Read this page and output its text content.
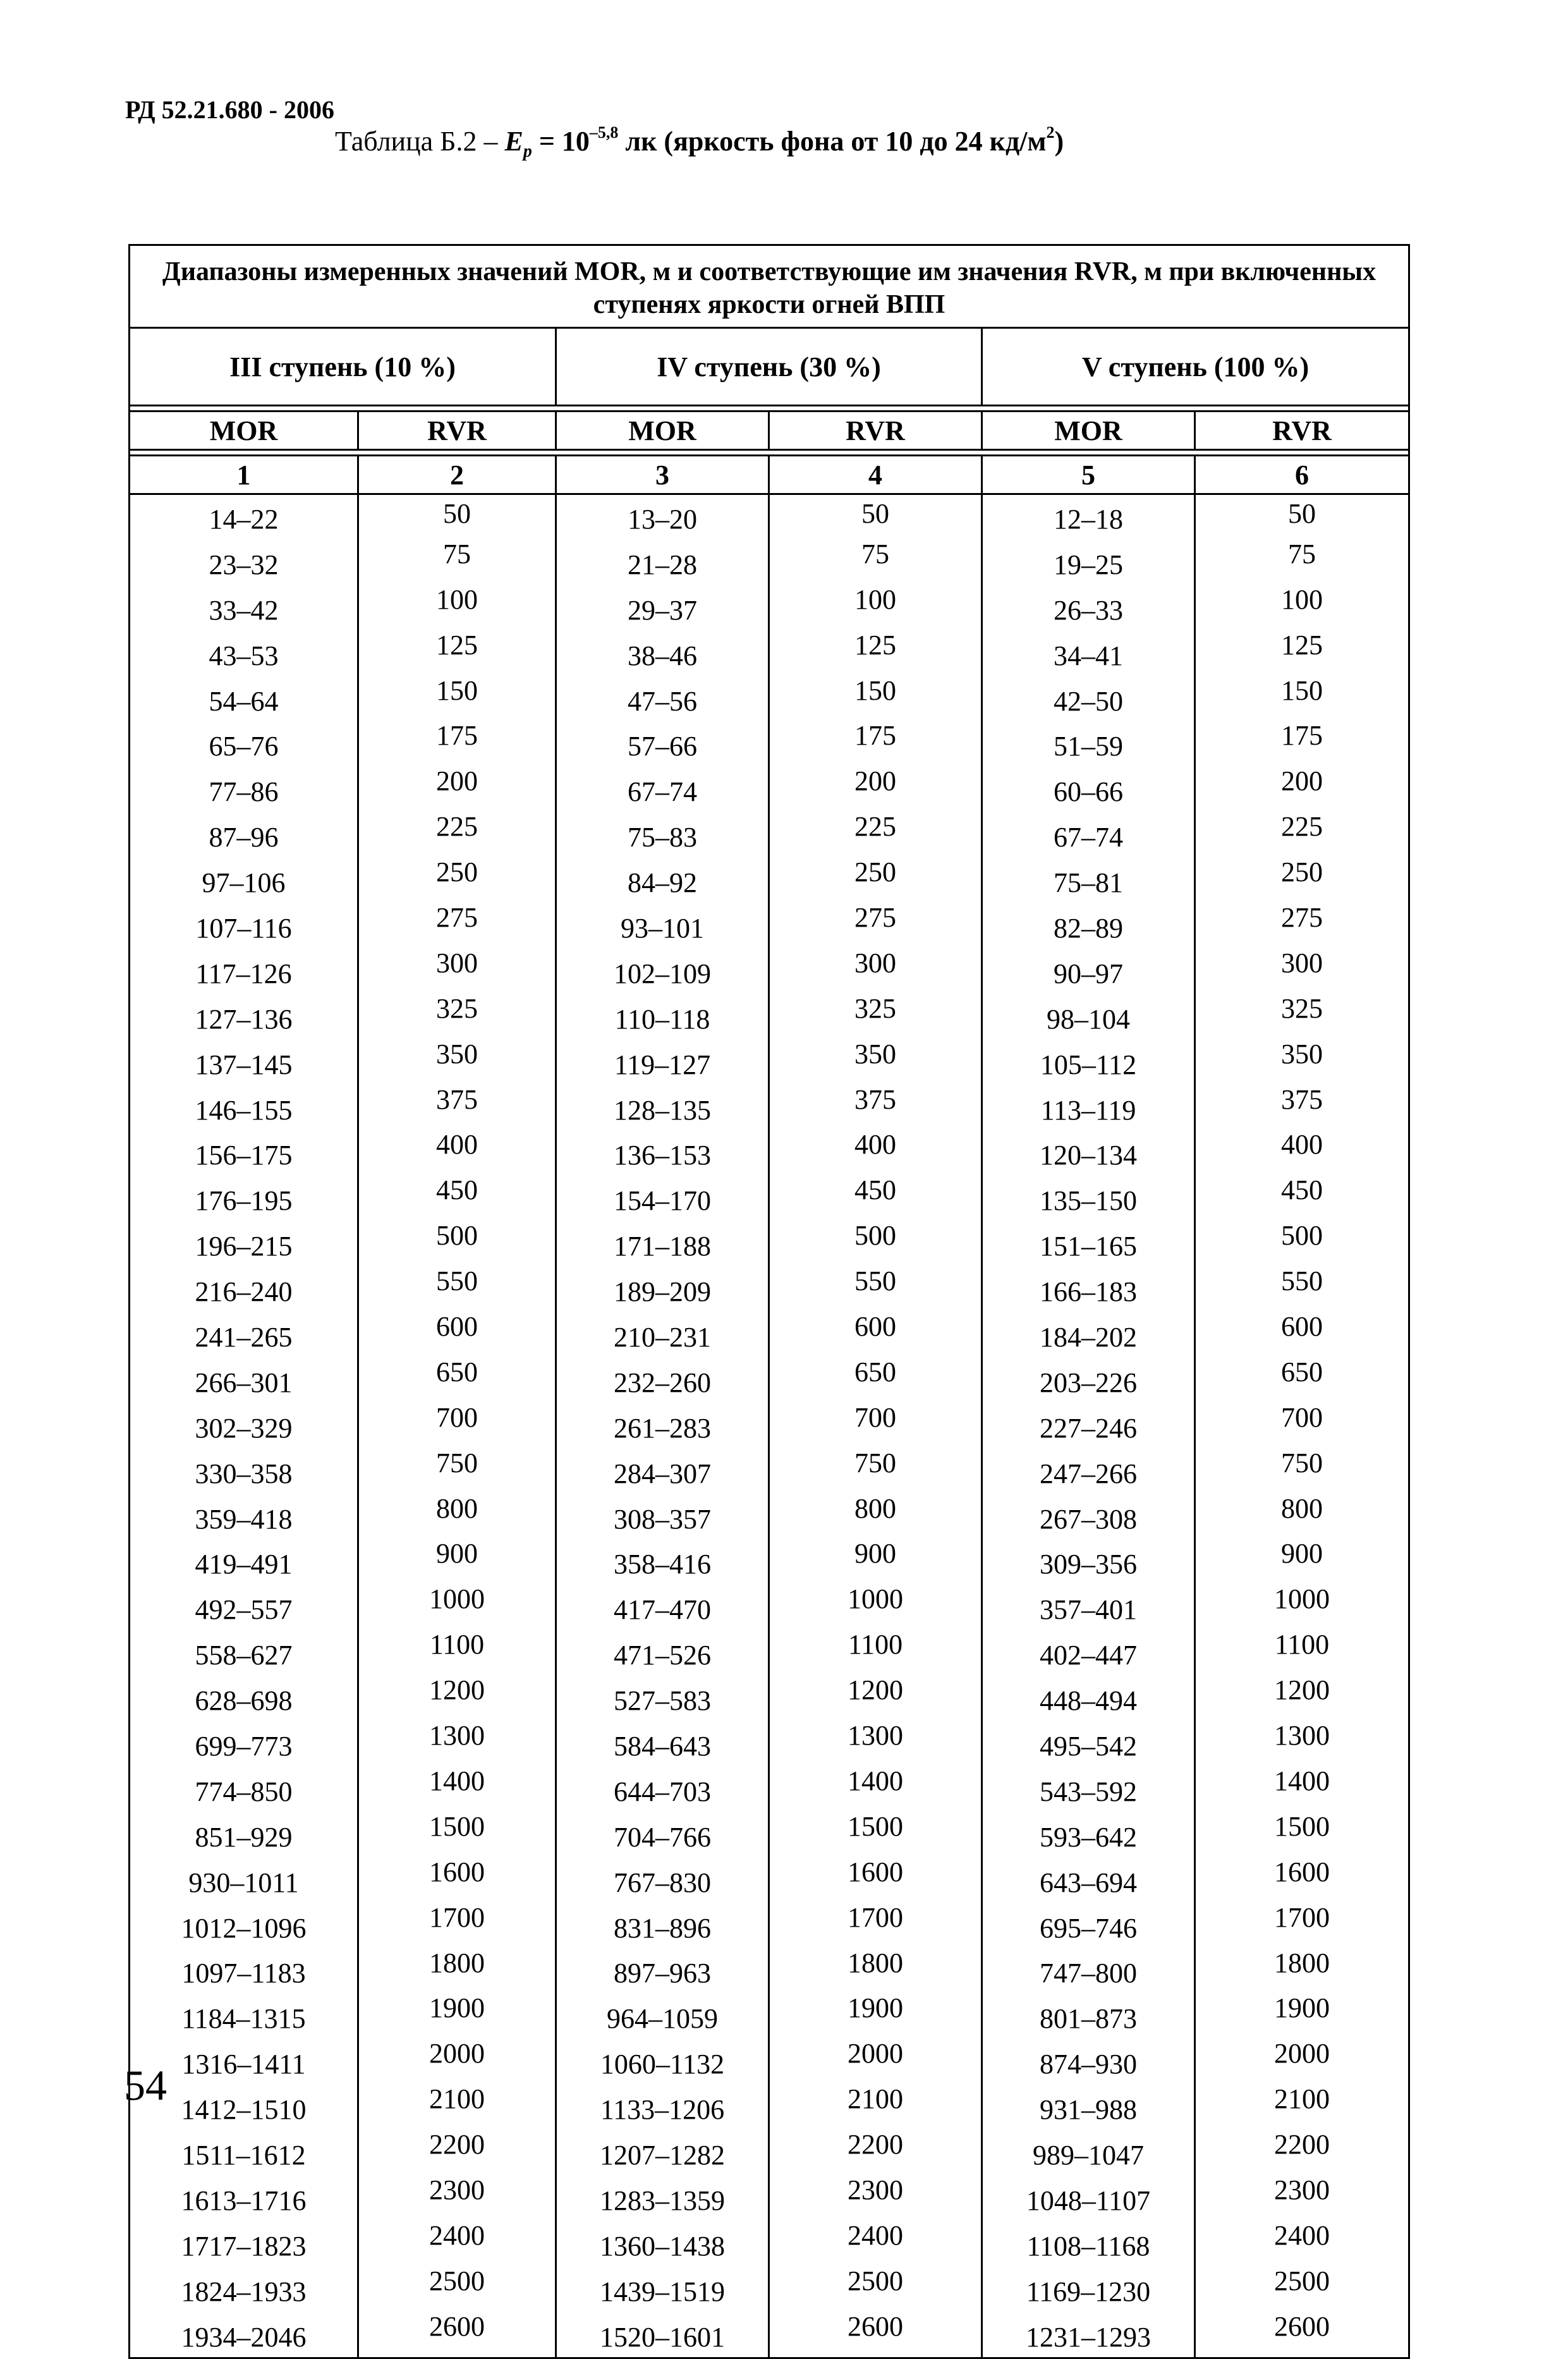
РД 52.21.680 - 2006
Таблица $Б.2 - E_p = 10^{-5,8}$ лк (яркость фона от 10 до 24 $кд/м^2$)
Диапазоны измеренных значений MOR, м и соответствующие им значения RVR, м при включенных ступенях яркости огней ВПП					
III ступень (10 %)		IV ступень (30 %)		V ступень (100 %)	

MOR	RVR	MOR	RVR	MOR	RVR

1	2	3	4	5	6
14–22	50	13–20	50	12–18	50
23–32	75	21–28	75	19–25	75
33–42	100	29–37	100	26–33	100
43–53	125	38–46	125	34–41	125
54–64	150	47–56	150	42–50	150
65–76	175	57–66	175	51–59	175
77–86	200	67–74	200	60–66	200
87–96	225	75–83	225	67–74	225
97–106	250	84–92	250	75–81	250
107–116	275	93–101	275	82–89	275
117–126	300	102–109	300	90–97	300
127–136	325	110–118	325	98–104	325
137–145	350	119–127	350	105–112	350
146–155	375	128–135	375	113–119	375
156–175	400	136–153	400	120–134	400
176–195	450	154–170	450	135–150	450
196–215	500	171–188	500	151–165	500
216–240	550	189–209	550	166–183	550
241–265	600	210–231	600	184–202	600
266–301	650	232–260	650	203–226	650
302–329	700	261–283	700	227–246	700
330–358	750	284–307	750	247–266	750
359–418	800	308–357	800	267–308	800
419–491	900	358–416	900	309–356	900
492–557	1000	417–470	1000	357–401	1000
558–627	1100	471–526	1100	402–447	1100
628–698	1200	527–583	1200	448–494	1200
699–773	1300	584–643	1300	495–542	1300
774–850	1400	644–703	1400	543–592	1400
851–929	1500	704–766	1500	593–642	1500
930–1011	1600	767–830	1600	643–694	1600
1012–1096	1700	831–896	1700	695–746	1700
1097–1183	1800	897–963	1800	747–800	1800
1184–1315	1900	964–1059	1900	801–873	1900
1316–1411	2000	1060–1132	2000	874–930	2000
1412–1510	2100	1133–1206	2100	931–988	2100
1511–1612	2200	1207–1282	2200	989–1047	2200
1613–1716	2300	1283–1359	2300	1048–1107	2300
1717–1823	2400	1360–1438	2400	1108–1168	2400
1824–1933	2500	1439–1519	2500	1169–1230	2500
1934–2046	2600	1520–1601	2600	1231–1293	2600
54
